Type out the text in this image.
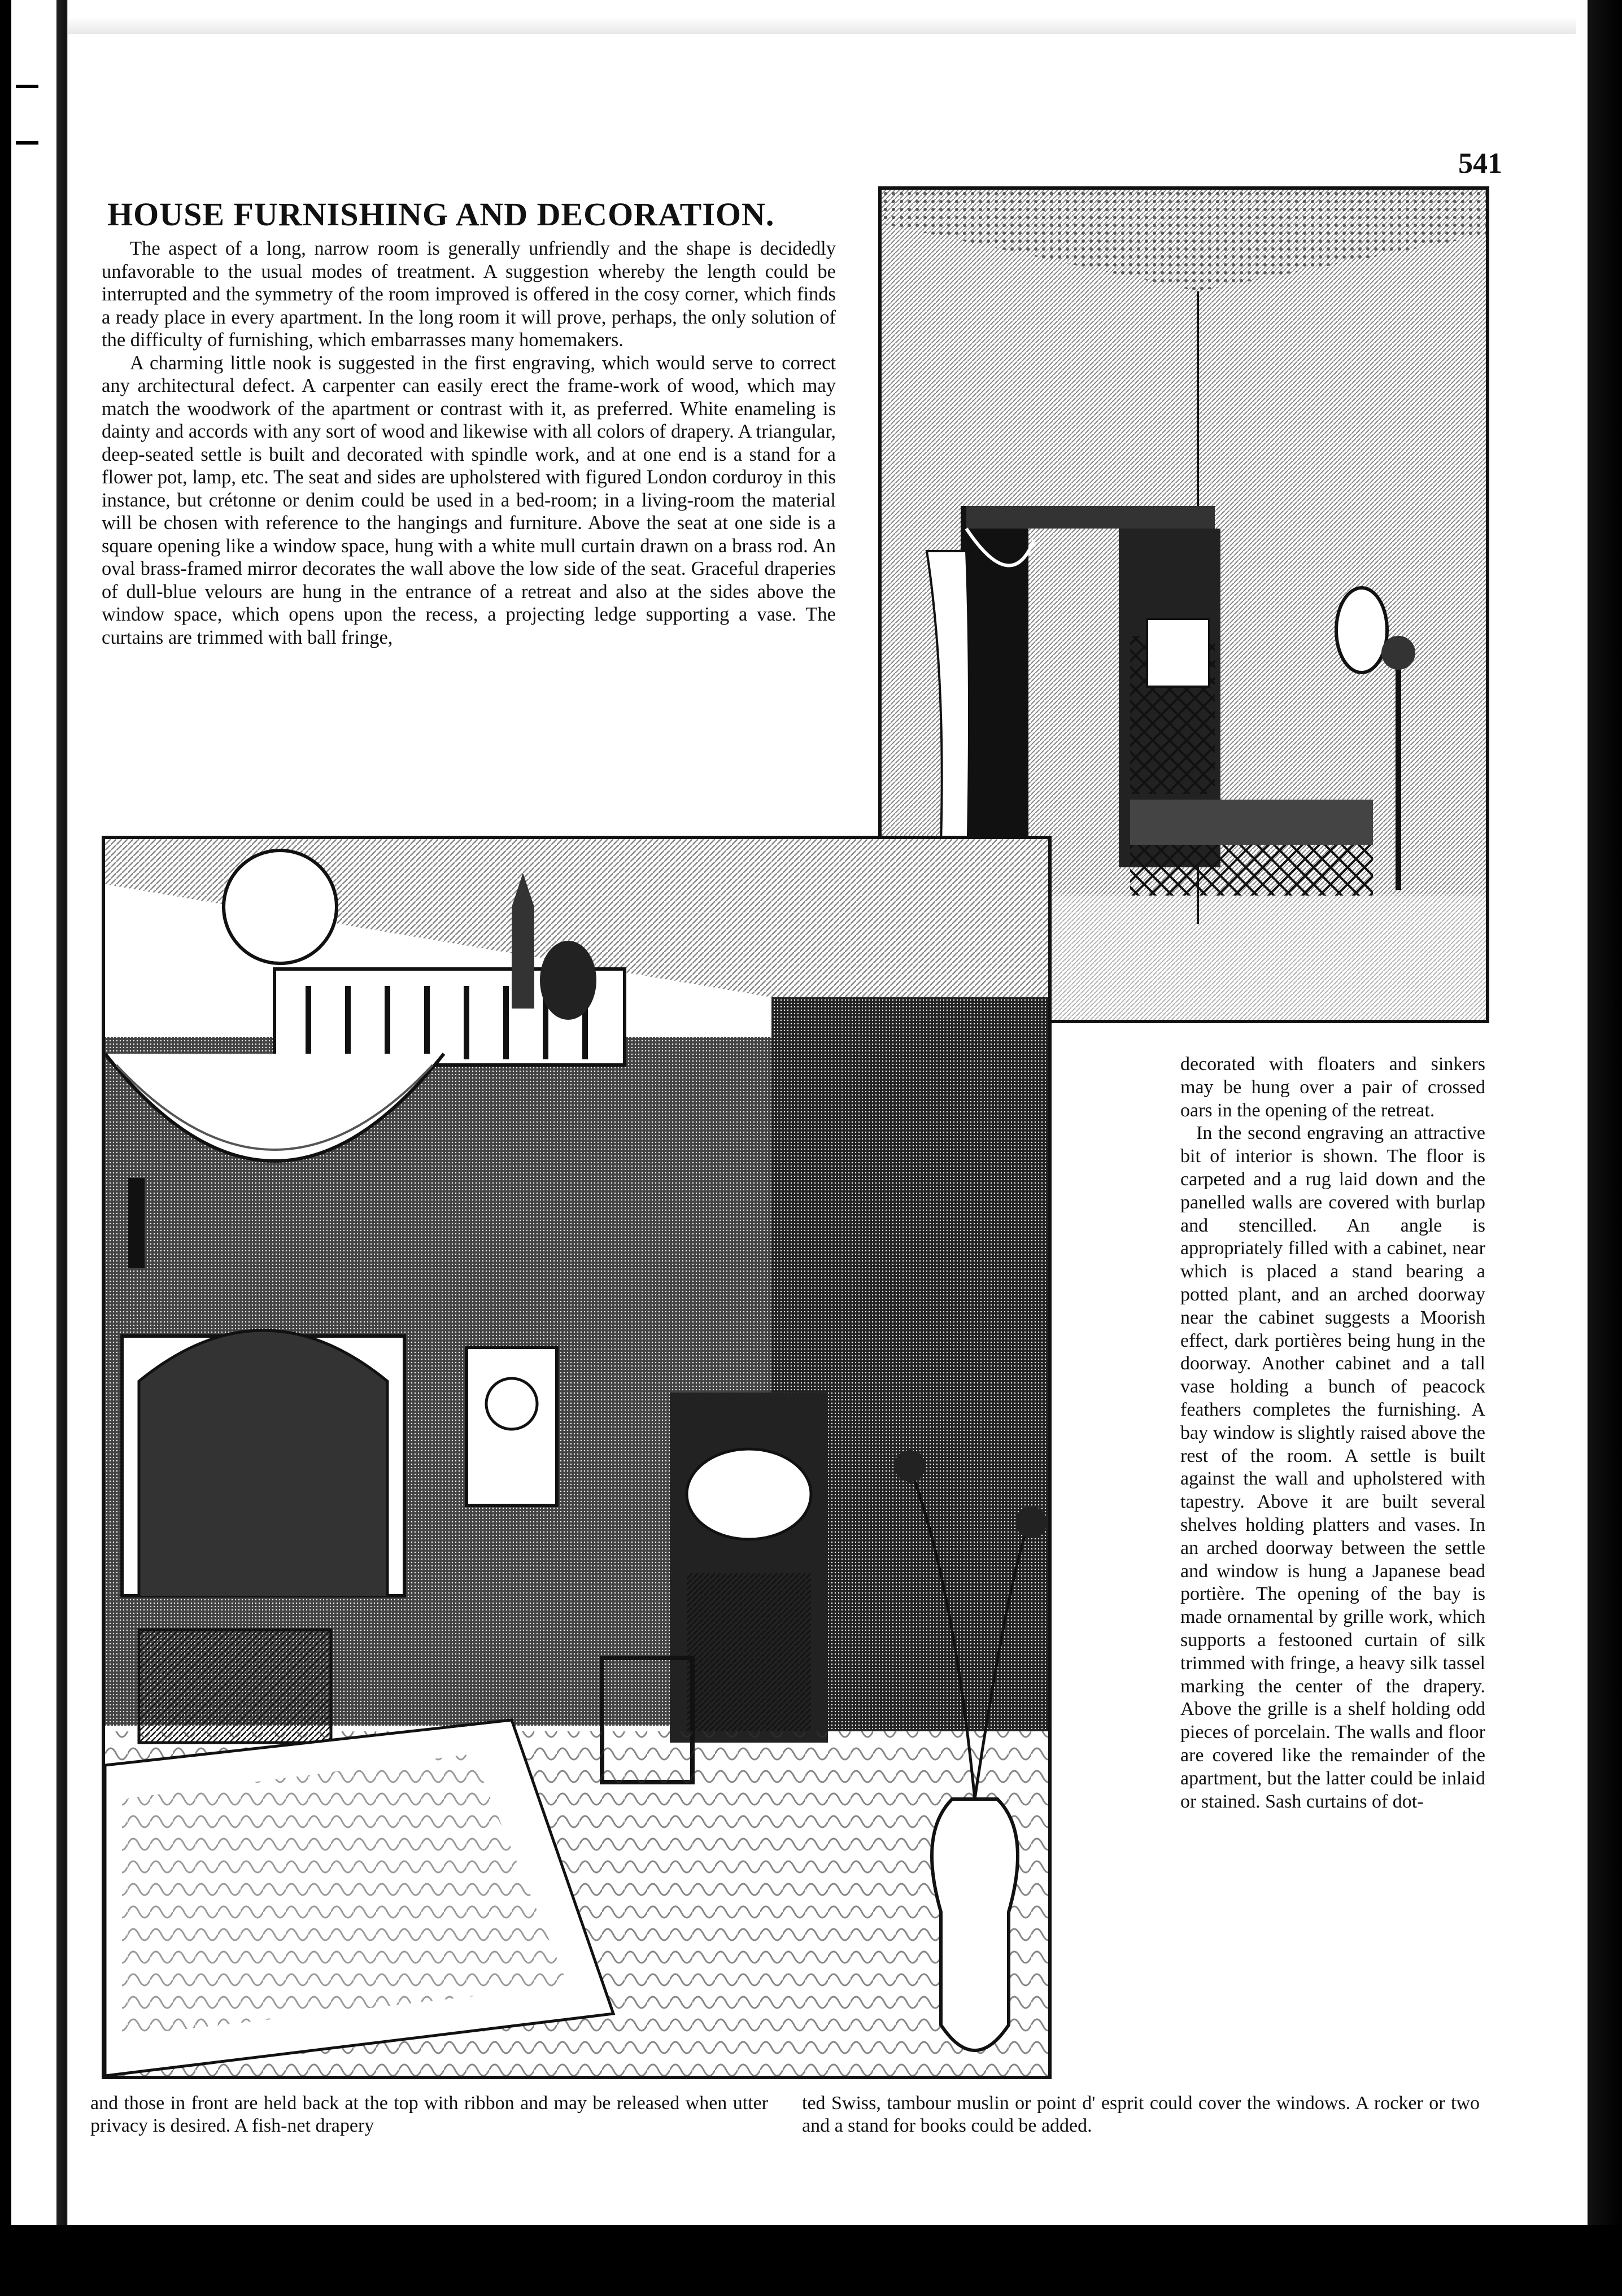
541
HOUSE FURNISHING AND DECORATION.

The aspect of a long, narrow room is generally unfriendly and the shape is decidedly unfavorable to the usual modes of treatment. A suggestion whereby the length could be interrupted and the symmetry of the room improved is offered in the cosy corner, which finds a ready place in every apartment. In the long room it will prove, perhaps, the only solution of the difficulty of furnishing, which embarrasses many homemakers.

A charming little nook is suggested in the first engraving, which would serve to correct any architectural defect. A carpenter can easily erect the frame-work of wood, which may match the woodwork of the apartment or contrast with it, as preferred. White enameling is dainty and accords with any sort of wood and likewise with all colors of drapery. A triangular, deep-seated settle is built and decorated with spindle work, and at one end is a stand for a flower pot, lamp, etc. The seat and sides are upholstered with figured London corduroy in this instance, but crétonne or denim could be used in a bed-room; in a living-room the material will be chosen with reference to the hangings and furniture. Above the seat at one side is a square opening like a window space, hung with a white mull curtain drawn on a brass rod. An oval brass-framed mirror decorates the wall above the low side of the seat. Graceful draperies of dull-blue velours are hung in the entrance of a retreat and also at the sides above the window space, which opens upon the recess, a projecting ledge supporting a vase. The curtains are trimmed with ball fringe,

decorated with floaters and sinkers may be hung over a pair of crossed oars in the opening of the retreat.

In the second engraving an attractive bit of interior is shown. The floor is carpeted and a rug laid down and the panelled walls are covered with burlap and stencilled. An angle is appropriately filled with a cabinet, near which is placed a stand bearing a potted plant, and an arched doorway near the cabinet suggests a Moorish effect, dark portières being hung in the doorway. Another cabinet and a tall vase holding a bunch of peacock feathers completes the furnishing. A bay window is slightly raised above the rest of the room. A settle is built against the wall and upholstered with tapestry. Above it are built several shelves holding platters and vases. In an arched doorway between the settle and window is hung a Japanese bead portière. The opening of the bay is made ornamental by grille work, which supports a festooned curtain of silk trimmed with fringe, a heavy silk tassel marking the center of the drapery. Above the grille is a shelf holding odd pieces of porcelain. The walls and floor are covered like the remainder of the apartment, but the latter could be inlaid or stained. Sash curtains of dot-

and those in front are held back at the top with ribbon and may be released when utter privacy is desired. A fish-net drapery
ted Swiss, tambour muslin or point d' esprit could cover the windows. A rocker or two and a stand for books could be added.
